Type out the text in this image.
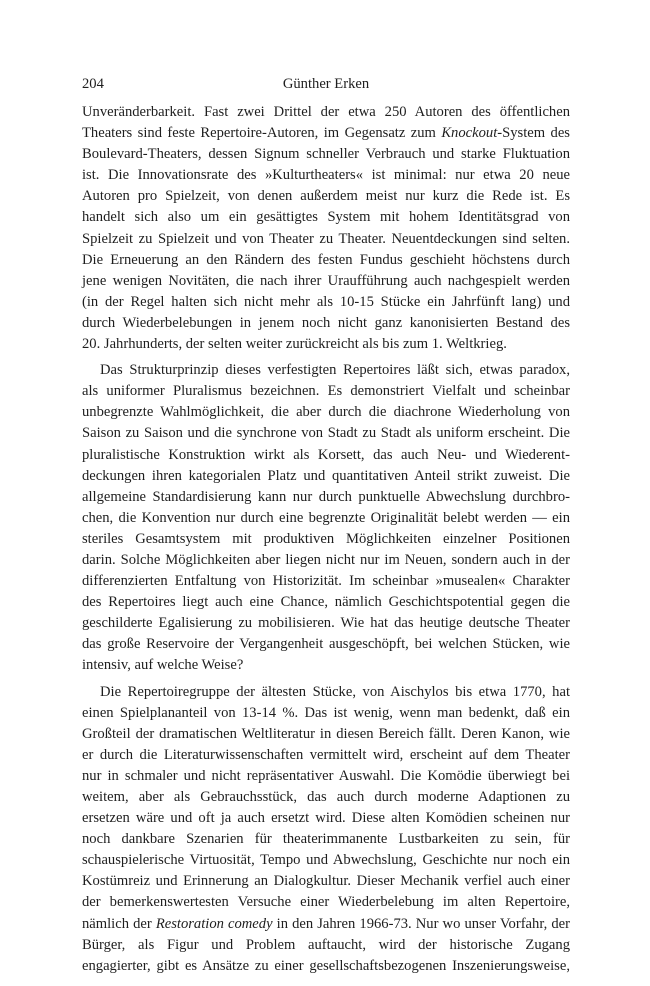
204	Günther Erken
Unveränderbarkeit. Fast zwei Drittel der etwa 250 Autoren des öffentlichen
Theaters sind feste Repertoire-Autoren, im Gegensatz zum Knockout-System des
Boulevard-Theaters, dessen Signum schneller Verbrauch und starke Fluktuation
ist. Die Innovationsrate des »Kulturtheaters« ist minimal: nur etwa 20 neue
Autoren pro Spielzeit, von denen außerdem meist nur kurz die Rede ist. Es
handelt sich also um ein gesättigtes System mit hohem Identitätsgrad von
Spielzeit zu Spielzeit und von Theater zu Theater. Neuentdeckungen sind selten.
Die Erneuerung an den Rändern des festen Fundus geschieht höchstens durch
jene wenigen Novitäten, die nach ihrer Uraufführung auch nachgespielt werden
(in der Regel halten sich nicht mehr als 10-15 Stücke ein Jahrfünft lang) und
durch Wiederbelebungen in jenem noch nicht ganz kanonisierten Bestand des
20. Jahrhunderts, der selten weiter zurückreicht als bis zum 1. Weltkrieg.
Das Strukturprinzip dieses verfestigten Repertoires läßt sich, etwas paradox,
als uniformer Pluralismus bezeichnen. Es demonstriert Vielfalt und scheinbar
unbegrenzte Wahlmöglichkeit, die aber durch die diachrone Wiederholung von
Saison zu Saison und die synchrone von Stadt zu Stadt als uniform erscheint. Die
pluralistische Konstruktion wirkt als Korsett, das auch Neu- und Wiederent-
deckungen ihren kategorialen Platz und quantitativen Anteil strikt zuweist. Die
allgemeine Standardisierung kann nur durch punktuelle Abwechslung durchbro-
chen, die Konvention nur durch eine begrenzte Originalität belebt werden — ein
steriles Gesamtsystem mit produktiven Möglichkeiten einzelner Positionen
darin. Solche Möglichkeiten aber liegen nicht nur im Neuen, sondern auch in der
differenzierten Entfaltung von Historizität. Im scheinbar »musealen« Charakter
des Repertoires liegt auch eine Chance, nämlich Geschichtspotential gegen die
geschilderte Egalisierung zu mobilisieren. Wie hat das heutige deutsche Theater
das große Reservoire der Vergangenheit ausgeschöpft, bei welchen Stücken, wie
intensiv, auf welche Weise?
Die Repertoiregruppe der ältesten Stücke, von Aischylos bis etwa 1770, hat
einen Spielplananteil von 13-14 %. Das ist wenig, wenn man bedenkt, daß ein
Großteil der dramatischen Weltliteratur in diesen Bereich fällt. Deren Kanon, wie
er durch die Literaturwissenschaften vermittelt wird, erscheint auf dem Theater
nur in schmaler und nicht repräsentativer Auswahl. Die Komödie überwiegt bei
weitem, aber als Gebrauchsstück, das auch durch moderne Adaptionen zu
ersetzen wäre und oft ja auch ersetzt wird. Diese alten Komödien scheinen nur
noch dankbare Szenarien für theaterimmanente Lustbarkeiten zu sein, für
schauspielerische Virtuosität, Tempo und Abwechslung, Geschichte nur noch ein
Kostümreiz und Erinnerung an Dialogkultur. Dieser Mechanik verfiel auch einer
der bemerkenswertesten Versuche einer Wiederbelebung im alten Repertoire,
nämlich der Restoration comedy in den Jahren 1966-73. Nur wo unser Vorfahr, der
Bürger, als Figur und Problem auftaucht, wird der historische Zugang
engagierter, gibt es Ansätze zu einer gesellschaftsbezogenen Inszenierungsweise,
